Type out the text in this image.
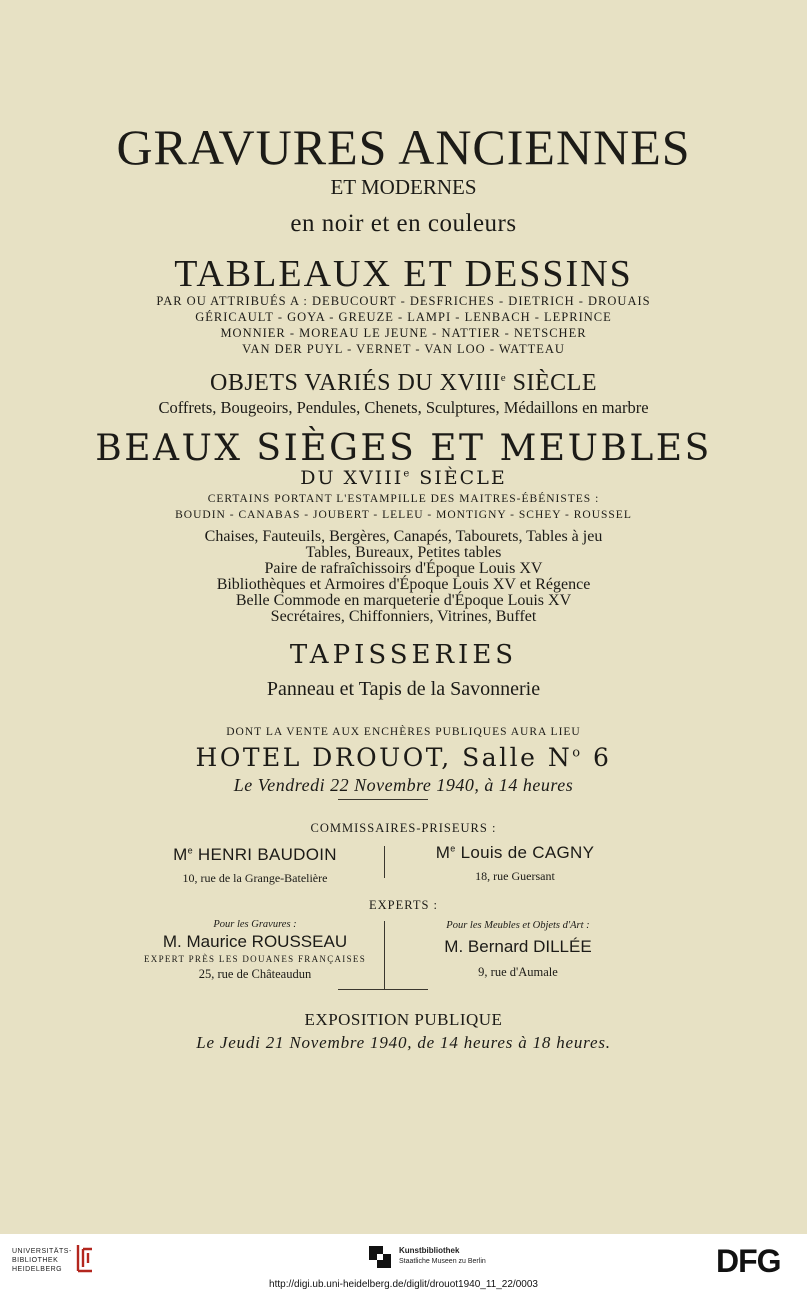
GRAVURES ANCIENNES
ET MODERNES
en noir et en couleurs
TABLEAUX ET DESSINS
PAR OU ATTRIBUÉS A : DEBUCOURT - DESFRICHES - DIETRICH - DROUAIS
GÉRICAULT - GOYA - GREUZE - LAMPI - LENBACH - LEPRINCE
MONNIER - MOREAU LE JEUNE - NATTIER - NETSCHER
VAN DER PUYL - VERNET - VAN LOO - WATTEAU
OBJETS VARIÉS DU XVIIIe SIÈCLE
Coffrets, Bougeoirs, Pendules, Chenets, Sculptures, Médaillons en marbre
BEAUX SIÈGES ET MEUBLES
DU XVIIIe SIÈCLE
CERTAINS PORTANT L'ESTAMPILLE DES MAITRES-ÉBÉNISTES :
BOUDIN - CANABAS - JOUBERT - LELEU - MONTIGNY - SCHEY - ROUSSEL
Chaises, Fauteuils, Bergères, Canapés, Tabourets, Tables à jeu
Tables, Bureaux, Petites tables
Paire de rafraîchissoirs d'Époque Louis XV
Bibliothèques et Armoires d'Époque Louis XV et Régence
Belle Commode en marqueterie d'Époque Louis XV
Secrétaires, Chiffonniers, Vitrines, Buffet
TAPISSERIES
Panneau et Tapis de la Savonnerie
DONT LA VENTE AUX ENCHÈRES PUBLIQUES AURA LIEU
HOTEL DROUOT, Salle $N^o$ 6
Le Vendredi 22 Novembre 1940, à 14 heures
COMMISSAIRES-PRISEURS :
Me HENRI BAUDOIN
10, rue de la Grange-Batelière
Me Louis de CAGNY
18, rue Guersant
EXPERTS :
Pour les Gravures :
M. Maurice ROUSSEAU
EXPERT PRÈS LES DOUANES FRANÇAISES
25, rue de Châteaudun
Pour les Meubles et Objets d'Art :
M. Bernard DILLÉE
9, rue d'Aumale
EXPOSITION PUBLIQUE
Le Jeudi 21 Novembre 1940, de 14 heures à 18 heures.
UNIVERSITÄTS-
BIBLIOTHEK
HEIDELBERG
Kunstbibliothek
Staatliche Museen zu Berlin	DFG
http://digi.ub.uni-heidelberg.de/diglit/drouot1940_11_22/0003
